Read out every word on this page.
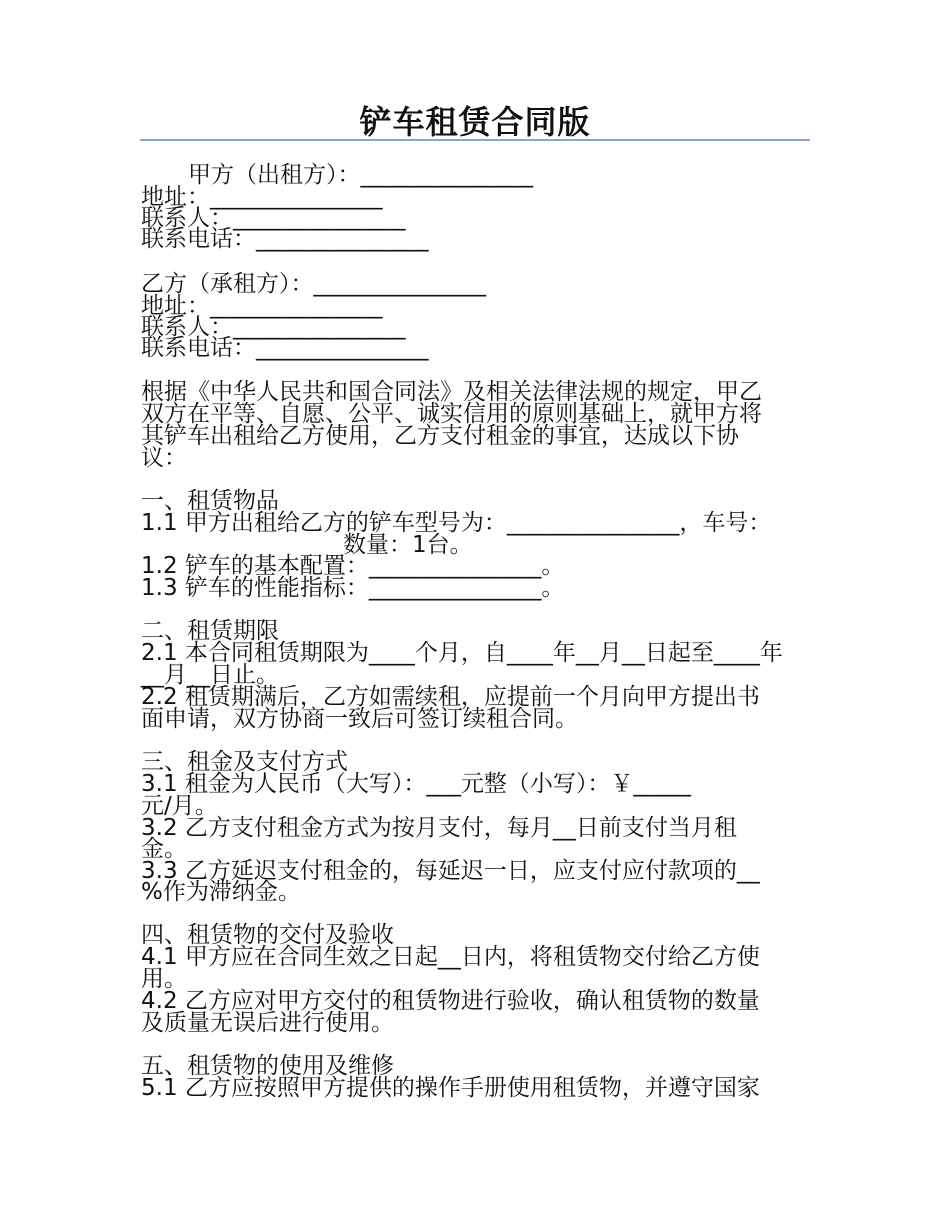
铲车租赁合同版
甲方（出租方）：_______________
地址：_______________
联系人：_______________
联系电话：_______________
乙方（承租方）：_______________
地址：_______________
联系人：_______________
联系电话：_______________
根据《中华人民共和国合同法》及相关法律法规的规定，甲乙
双方在平等、自愿、公平、诚实信用的原则基础上，就甲方将
其铲车出租给乙方使用，乙方支付租金的事宜，达成以下协
议：
一、租赁物品
1.1 甲方出租给乙方的铲车型号为：_______________，车号：
数量：1台。
1.2 铲车的基本配置：_______________。
1.3 铲车的性能指标：_______________。
二、租赁期限
2.1 本合同租赁期限为____个月，自____年__月__日起至____年
__月__日止。
2.2 租赁期满后，乙方如需续租，应提前一个月向甲方提出书
面申请，双方协商一致后可签订续租合同。
三、租金及支付方式
3.1 租金为人民币（大写）：___元整（小写）：￥_____
元/月。
3.2 乙方支付租金方式为按月支付，每月__日前支付当月租
金。
3.3 乙方延迟支付租金的，每延迟一日，应支付应付款项的__
%作为滞纳金。
四、租赁物的交付及验收
4.1 甲方应在合同生效之日起__日内，将租赁物交付给乙方使
用。
4.2 乙方应对甲方交付的租赁物进行验收，确认租赁物的数量
及质量无误后进行使用。
五、租赁物的使用及维修
5.1 乙方应按照甲方提供的操作手册使用租赁物，并遵守国家
